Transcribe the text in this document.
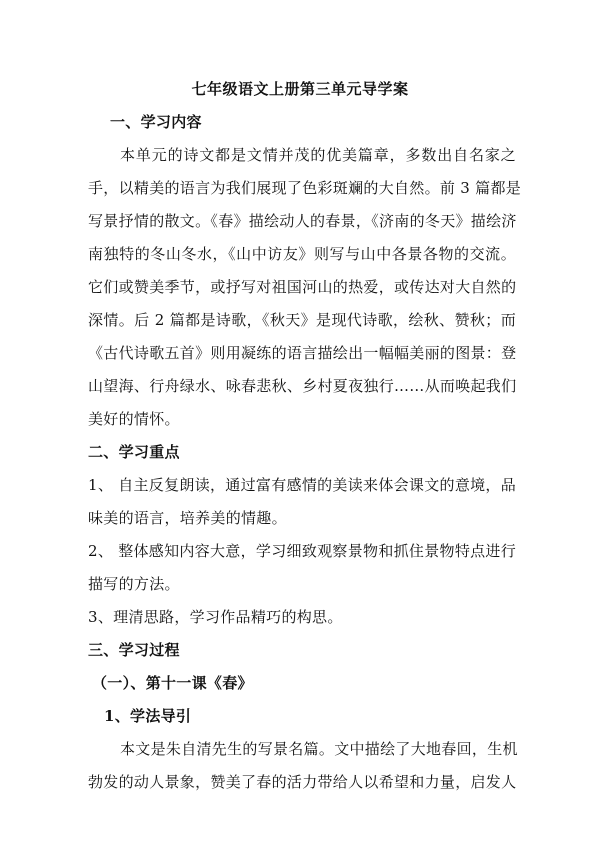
七年级语文上册第三单元导学案
一、学习内容
本单元的诗文都是文情并茂的优美篇章，多数出自名家之
手，以精美的语言为我们展现了色彩斑斓的大自然。前 3 篇都是
写景抒情的散文。《春》描绘动人的春景，《济南的冬天》描绘济
南独特的冬山冬水，《山中访友》则写与山中各景各物的交流。
它们或赞美季节，或抒写对祖国河山的热爱，或传达对大自然的
深情。后 2 篇都是诗歌，《秋天》是现代诗歌，绘秋、赞秋；而
《古代诗歌五首》则用凝练的语言描绘出一幅幅美丽的图景：登
山望海、行舟绿水、咏春悲秋、乡村夏夜独行……从而唤起我们
美好的情怀。
二、学习重点
1、 自主反复朗读，通过富有感情的美读来体会课文的意境，品
味美的语言，培养美的情趣。
2、 整体感知内容大意，学习细致观察景物和抓住景物特点进行
描写的方法。
3、理清思路，学习作品精巧的构思。
三、学习过程
（一）、第十一课《春》
1、学法导引
本文是朱自清先生的写景名篇。文中描绘了大地春回，生机
勃发的动人景象，赞美了春的活力带给人以希望和力量，启发人
